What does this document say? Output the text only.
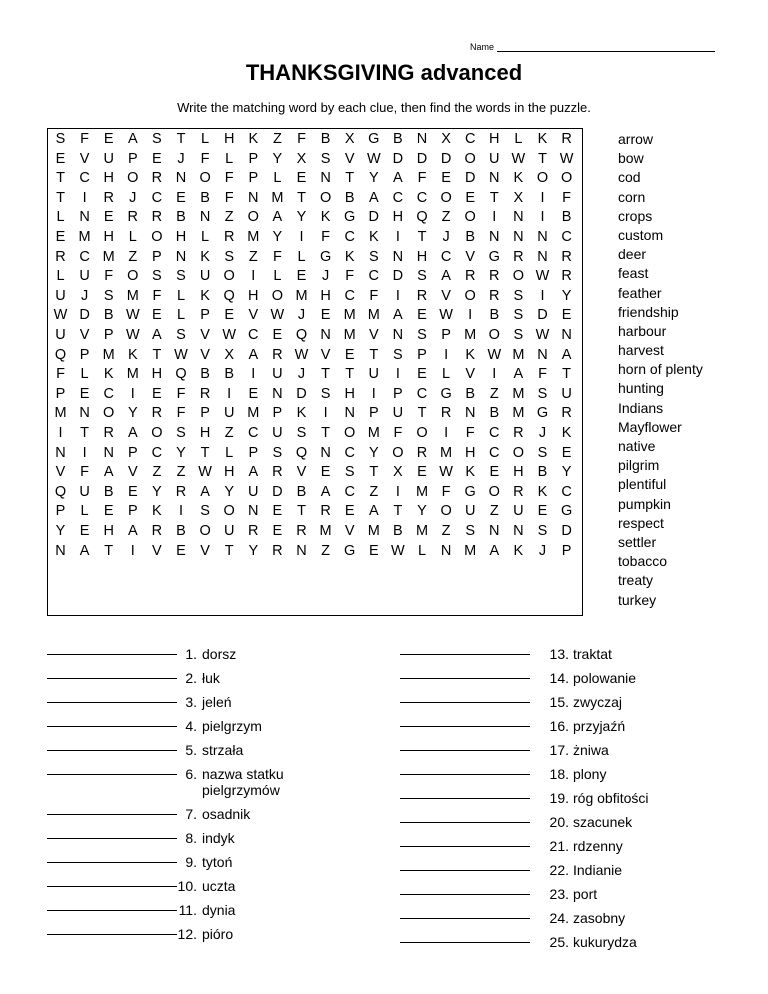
Name
THANKSGIVING advanced
Write the matching word by each clue, then find the words in the puzzle.
S	F	E A S	T	L	H K	Z	F	B X G B N X C H	L	K R
E V U P E	J	F	L	P Y X S V W D D D O U W T W
T C H O R N O F	P	L	E N T	Y A	F	E D N K O O
T	I	R	J	C E B	F N M T O B A C C O E	T	X	I	F
L	N E R R B N Z O A Y K G D H Q Z O	I	N	I	B
E M H	L O H	L	R M Y	I	F C K	I	T	J	B N N N C
R C M Z	P N K S	Z	F	L G K S N H C V G R N R
L	U F O S S U O	I	L	E	J	F C D S A R R O W R
U	J	S M F	L	K Q H O M H C F	I	R V O R S	I	Y
W D B W E	L	P E V W J	E M M A E W	I	B S D E
U V P W A S V W C E Q N M V N S P M O S W N
Q P M K	T W V X A R W V E	T	S P	I	K W M N A
F	L	K M H Q B B	I	U	J	T	T U	I	E	L	V	I	A	F	T
P E C	I	E	F R	I	E N D S H	I	P C G B	Z M S U
M N O Y R F	P U M P K	I	N P U T R N B M G R
I	T R A O S H Z C U S	T O M F O	I	F C R	J	K
N	I	N P C Y	T	L	P S Q N C Y O R M H C O S E
V	F	A V	Z	Z W H A R V E S	T	X E W K E H B Y
Q U B E Y R A Y U D B A C Z	I	M F G O R K C
P	L	E P K	I	S O N E	T R E A	T	Y O U Z U E G
Y E H A R B O U R E R M V M B M Z	S N N S D
N A	T	I	V E V	T	Y R N Z G E W L	N M A K	J	P
arrow
bow
cod
corn
crops
custom
deer
feast
feather
friendship
harbour
harvest
horn of plenty
hunting
Indians
Mayflower
native
pilgrim
plentiful
pumpkin
respect
settler
tobacco
treaty
turkey
1. dorsz
2. łuk
3. jeleń
4. pielgrzym
5. strzała
6. nazwa statku
pielgrzymów
7. osadnik
8. indyk
9. tytoń
10. uczta
11. dynia
12. pióro
13. traktat
14. polowanie
15. zwyczaj
16. przyjaźń
17. żniwa
18. plony
19. róg obfitości
20. szacunek
21. rdzenny
22. Indianie
23. port
24. zasobny
25. kukurydza
